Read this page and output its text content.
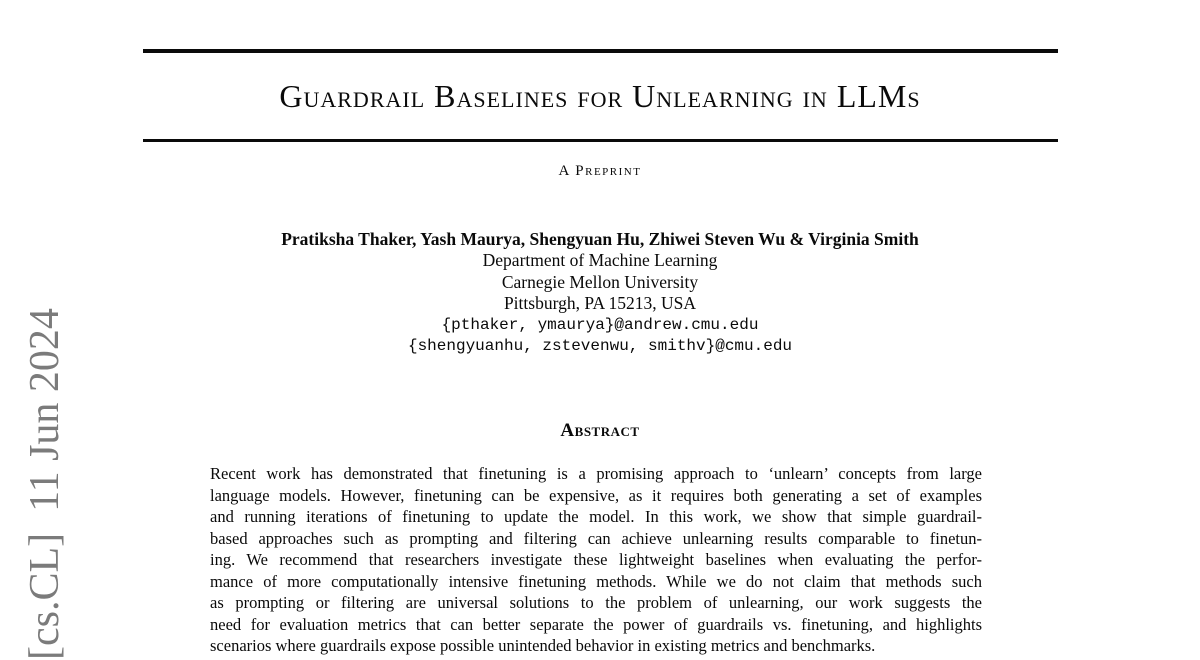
[cs.CL]  11 Jun 2024
Guardrail Baselines for Unlearning in LLMs
A Preprint
Pratiksha Thaker, Yash Maurya, Shengyuan Hu, Zhiwei Steven Wu & Virginia Smith
Department of Machine Learning
Carnegie Mellon University
Pittsburgh, PA 15213, USA
{pthaker, ymaurya}@andrew.cmu.edu
{shengyuanhu, zstevenwu, smithv}@cmu.edu
Abstract
Recent work has demonstrated that finetuning is a promising approach to ‘unlearn’ concepts from large
language models. However, finetuning can be expensive, as it requires both generating a set of examples
and running iterations of finetuning to update the model. In this work, we show that simple guardrail-
based approaches such as prompting and filtering can achieve unlearning results comparable to finetun-
ing. We recommend that researchers investigate these lightweight baselines when evaluating the perfor-
mance of more computationally intensive finetuning methods. While we do not claim that methods such
as prompting or filtering are universal solutions to the problem of unlearning, our work suggests the
need for evaluation metrics that can better separate the power of guardrails vs. finetuning, and highlights
scenarios where guardrails expose possible unintended behavior in existing metrics and benchmarks.
